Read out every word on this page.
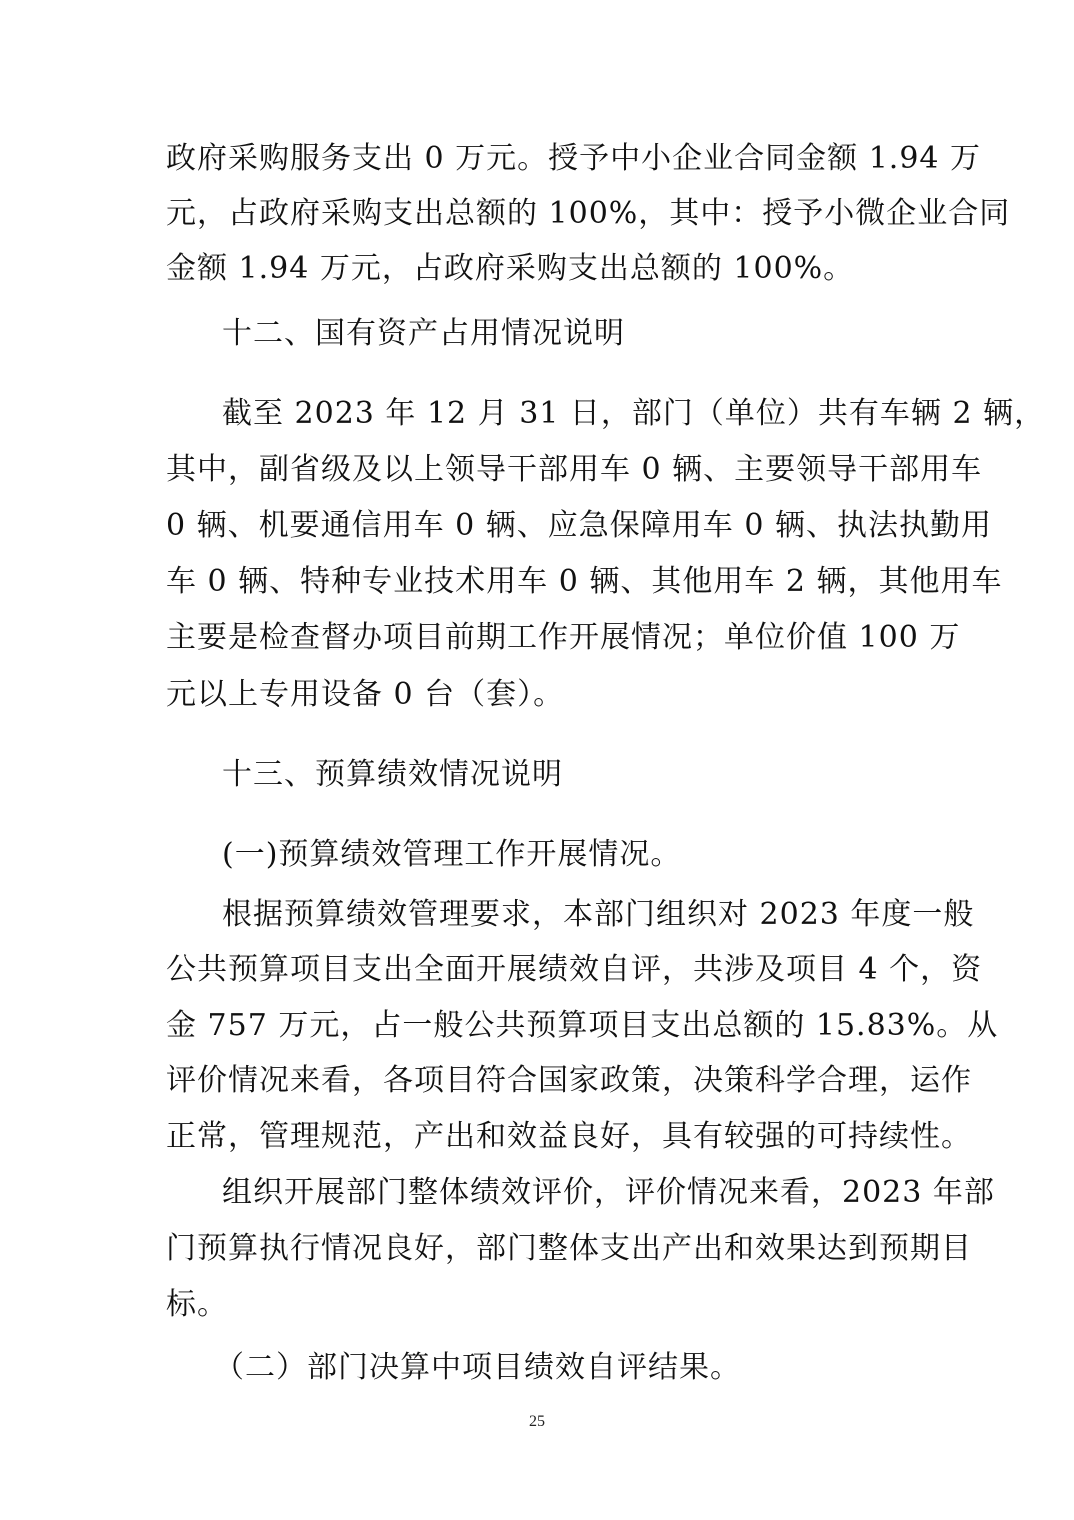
政府采购服务支出 0 万元。授予中小企业合同金额 1.94 万
元，占政府采购支出总额的 100%，其中：授予小微企业合同
金额 1.94 万元，占政府采购支出总额的 100%。
十二、国有资产占用情况说明
截至 2023 年 12 月 31 日，部门（单位）共有车辆 2 辆，
其中，副省级及以上领导干部用车 0 辆、主要领导干部用车
0 辆、机要通信用车 0 辆、应急保障用车 0 辆、执法执勤用
车 0 辆、特种专业技术用车 0 辆、其他用车 2 辆，其他用车
主要是检查督办项目前期工作开展情况；单位价值 100 万
元以上专用设备 0 台（套）。
十三、预算绩效情况说明
(一)预算绩效管理工作开展情况。
根据预算绩效管理要求，本部门组织对 2023 年度一般
公共预算项目支出全面开展绩效自评，共涉及项目 4 个，资
金 757 万元，占一般公共预算项目支出总额的 15.83%。从
评价情况来看，各项目符合国家政策，决策科学合理，运作
正常，管理规范，产出和效益良好，具有较强的可持续性。
组织开展部门整体绩效评价，评价情况来看，2023 年部
门预算执行情况良好，部门整体支出产出和效果达到预期目
标。
（二）部门决算中项目绩效自评结果。
25
